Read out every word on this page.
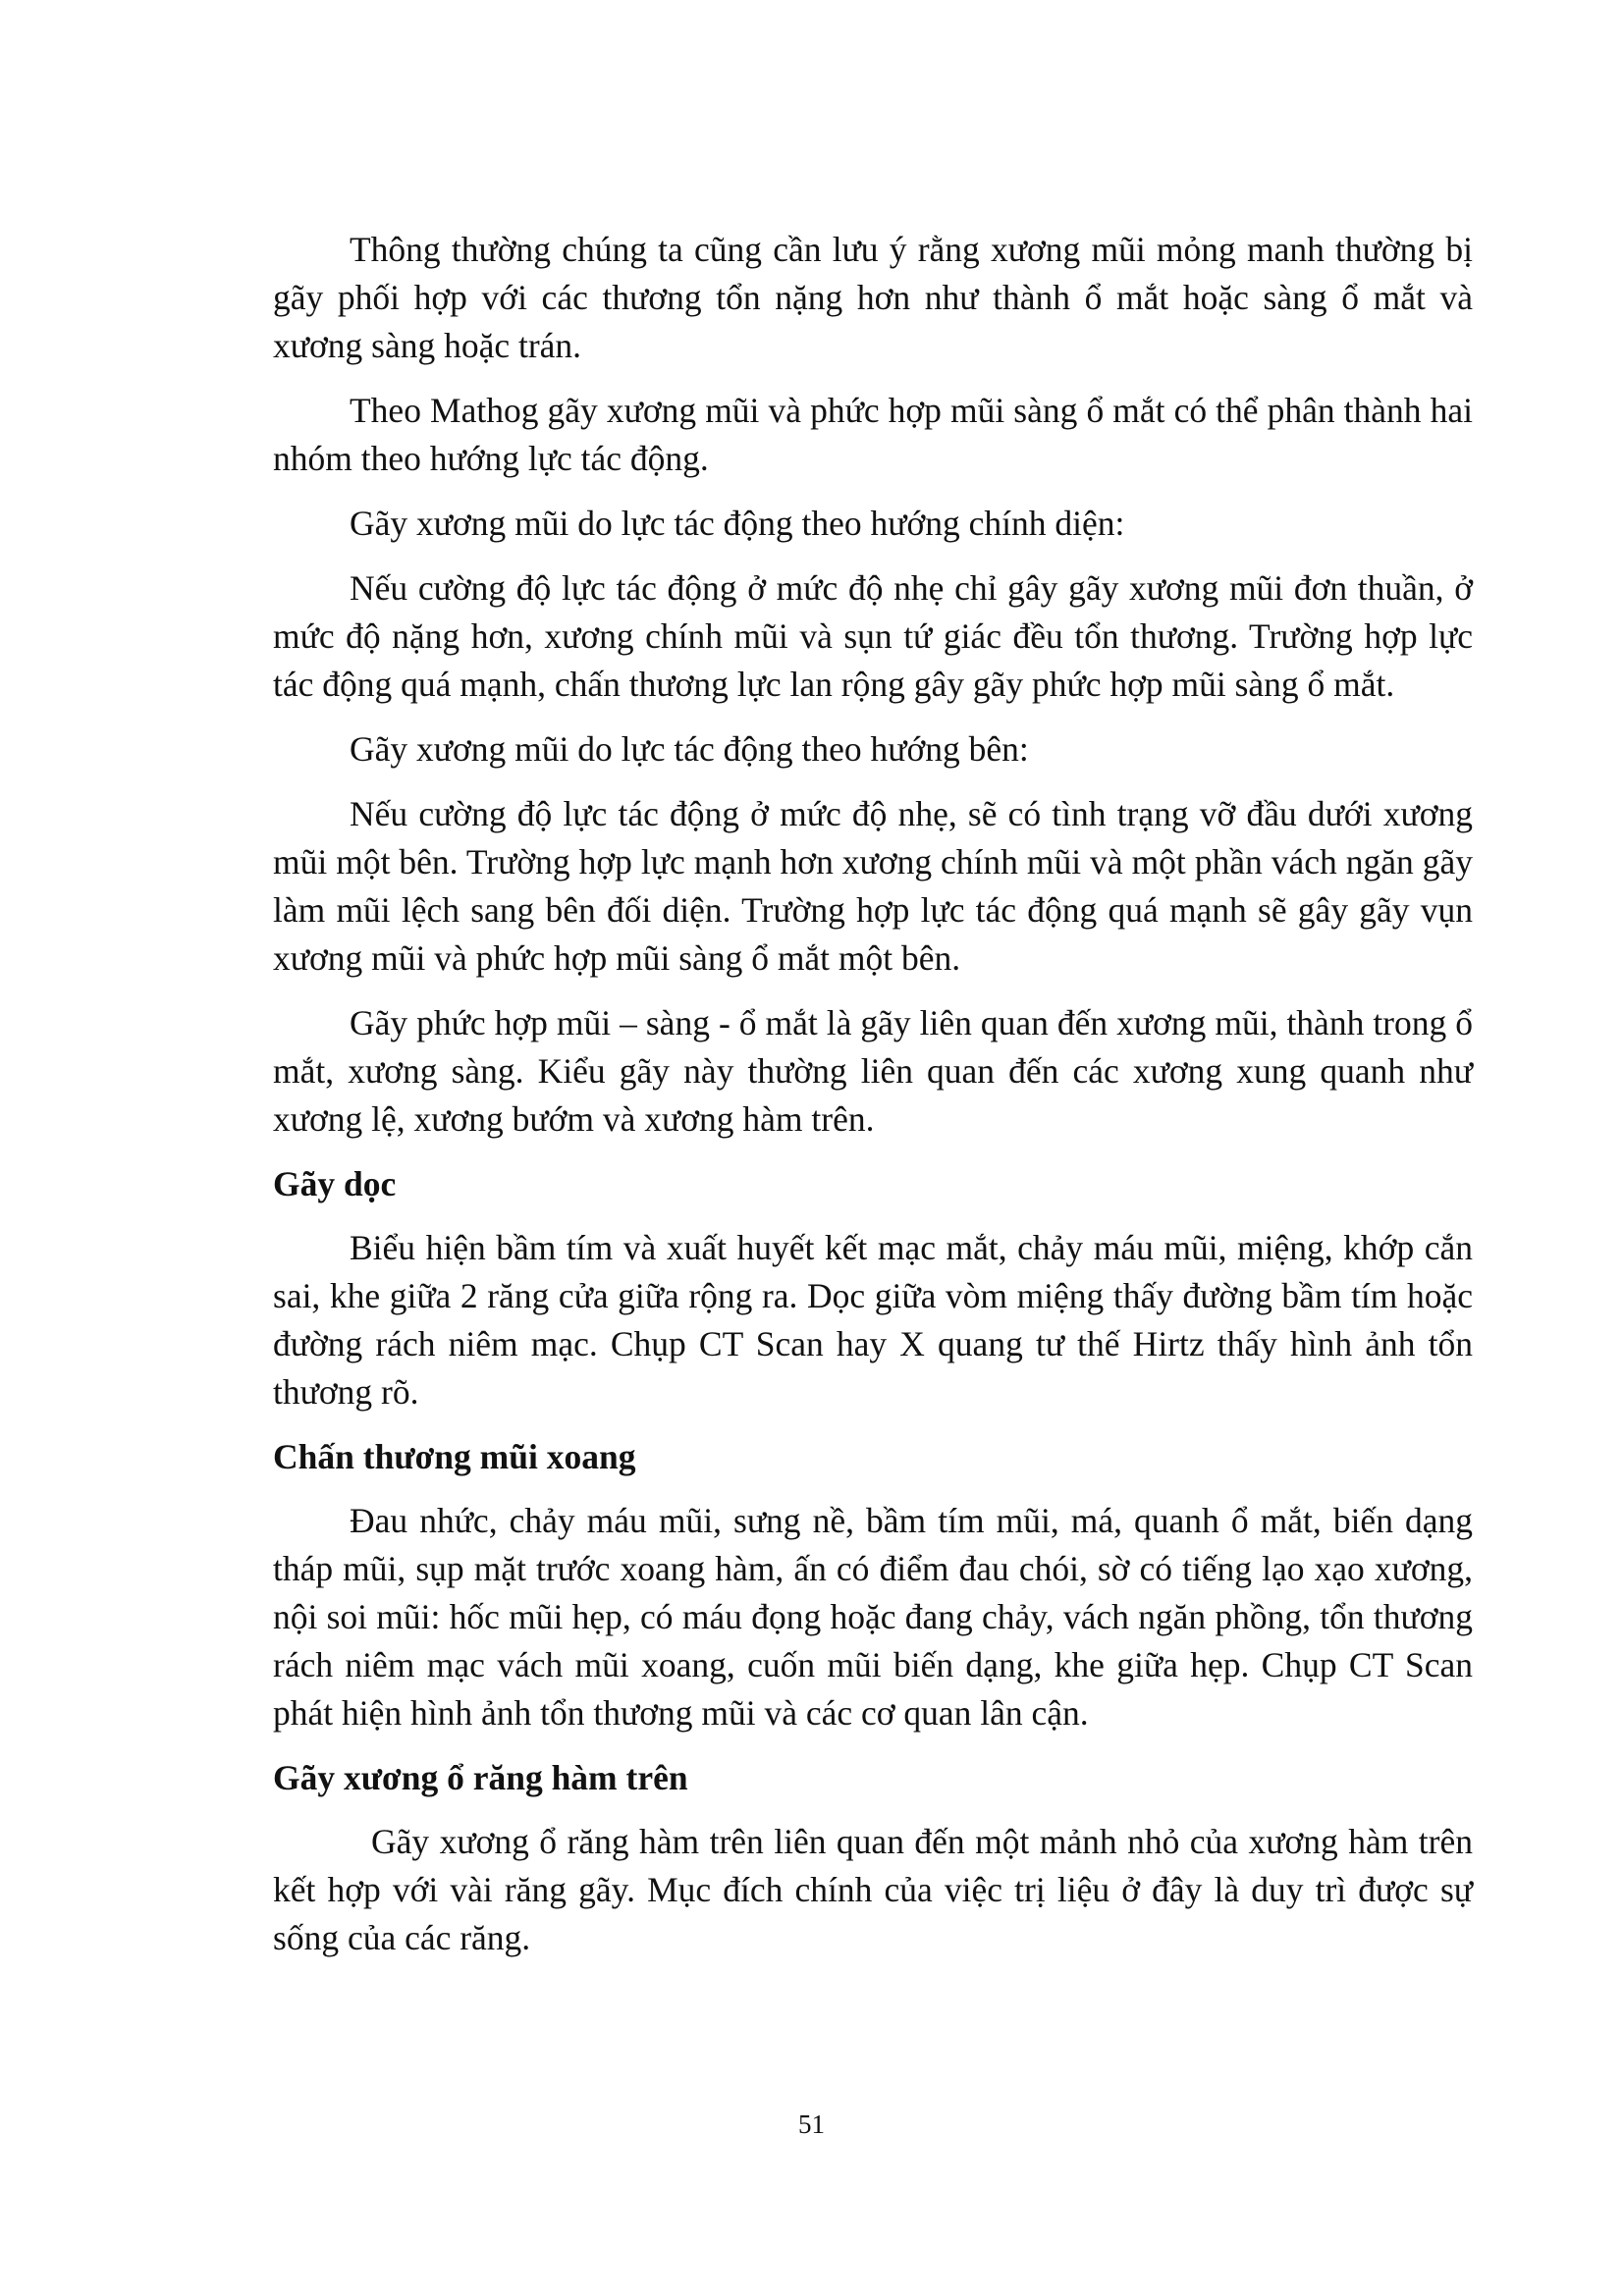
Thông thường chúng ta cũng cần lưu ý rằng xương mũi mỏng manh thường bị gãy phối hợp với các thương tổn nặng hơn như thành ổ mắt hoặc sàng ổ mắt và xương sàng hoặc trán.

Theo Mathog gãy xương mũi và phức hợp mũi sàng ổ mắt có thể phân thành hai nhóm theo hướng lực tác động.

Gãy xương mũi do lực tác động theo hướng chính diện:

Nếu cường độ lực tác động ở mức độ nhẹ chỉ gây gãy xương mũi đơn thuần, ở mức độ nặng hơn, xương chính mũi và sụn tứ giác đều tổn thương. Trường hợp lực tác động quá mạnh, chấn thương lực lan rộng gây gãy phức hợp mũi sàng ổ mắt.

Gãy xương mũi do lực tác động theo hướng bên:

Nếu cường độ lực tác động ở mức độ nhẹ, sẽ có tình trạng vỡ đầu dưới xương mũi một bên. Trường hợp lực mạnh hơn xương chính mũi và một phần vách ngăn gãy làm mũi lệch sang bên đối diện. Trường hợp lực tác động quá mạnh sẽ gây gãy vụn xương mũi và phức hợp mũi sàng ổ mắt một bên.

Gãy phức hợp mũi – sàng - ổ mắt là gãy liên quan đến xương mũi, thành trong ổ mắt, xương sàng. Kiểu gãy này thường liên quan đến các xương xung quanh như xương lệ, xương bướm và xương hàm trên.

Gãy dọc

Biểu hiện bầm tím và xuất huyết kết mạc mắt, chảy máu mũi, miệng, khớp cắn sai, khe giữa 2 răng cửa giữa rộng ra. Dọc giữa vòm miệng thấy đường bầm tím hoặc đường rách niêm mạc. Chụp CT Scan hay X quang tư thế Hirtz thấy hình ảnh tổn thương rõ.

Chấn thương mũi xoang

Đau nhức, chảy máu mũi, sưng nề, bầm tím mũi, má, quanh ổ mắt, biến dạng tháp mũi, sụp mặt trước xoang hàm, ấn có điểm đau chói, sờ có tiếng lạo xạo xương, nội soi mũi: hốc mũi hẹp, có máu đọng hoặc đang chảy, vách ngăn phồng, tổn thương rách niêm mạc vách mũi xoang, cuốn mũi biến dạng, khe giữa hẹp. Chụp CT Scan phát hiện hình ảnh tổn thương mũi và các cơ quan lân cận.

Gãy xương ổ răng hàm trên

Gãy xương ổ răng hàm trên liên quan đến một mảnh nhỏ của xương hàm trên kết hợp với vài răng gãy. Mục đích chính của việc trị liệu ở đây là duy trì được sự sống của các răng.

51
